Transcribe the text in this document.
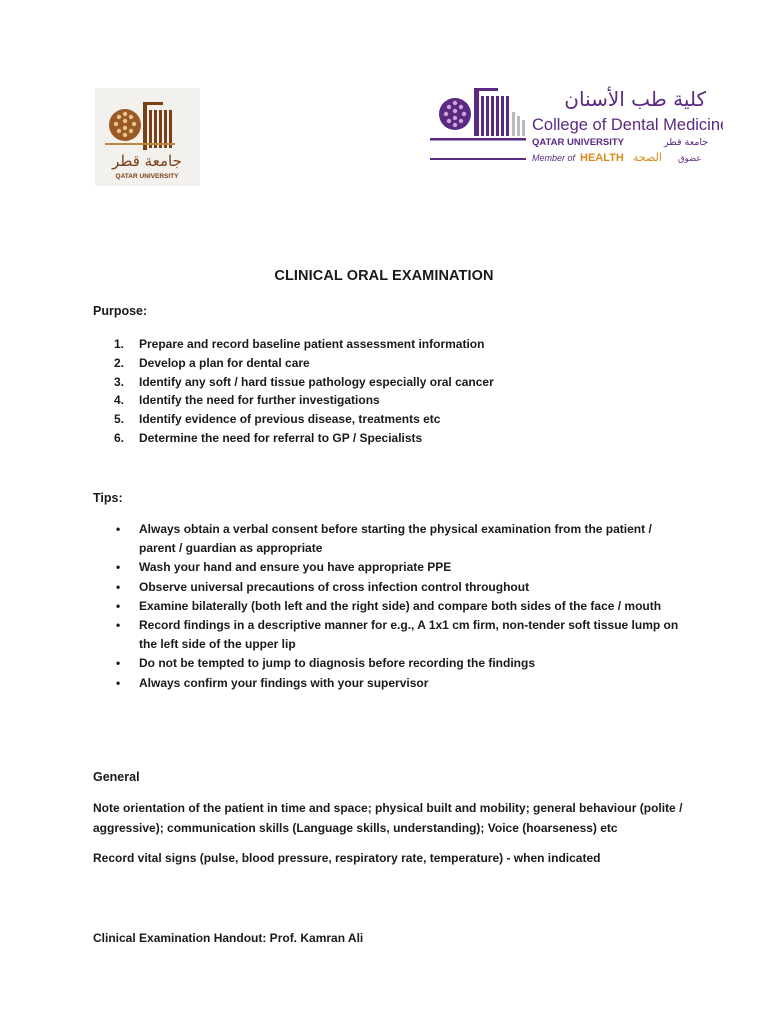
جامعة قطر
QATAR UNIVERSITY
كلية طب الأسنان
College of Dental Medicine
QATAR UNIVERSITY	جامعة قطر
Member of HEALTH الصحة عضوق
CLINICAL ORAL EXAMINATION
Purpose:
1. Prepare and record baseline patient assessment information
2. Develop a plan for dental care
3. Identify any soft / hard tissue pathology especially oral cancer
4. Identify the need for further investigations
5. Identify evidence of previous disease, treatments etc
6. Determine the need for referral to GP / Specialists
Tips:
• Always obtain a verbal consent before starting the physical examination from the patient / parent / guardian as appropriate
• Wash your hand and ensure you have appropriate PPE
• Observe universal precautions of cross infection control throughout
• Examine bilaterally (both left and the right side) and compare both sides of the face / mouth
• Record findings in a descriptive manner for e.g., A 1x1 cm firm, non-tender soft tissue lump on the left side of the upper lip
• Do not be tempted to jump to diagnosis before recording the findings
• Always confirm your findings with your supervisor
General
Note orientation of the patient in time and space; physical built and mobility; general behaviour (polite / aggressive); communication skills (Language skills, understanding); Voice (hoarseness) etc
Record vital signs (pulse, blood pressure, respiratory rate, temperature) - when indicated
Clinical Examination Handout: Prof. Kamran Ali
